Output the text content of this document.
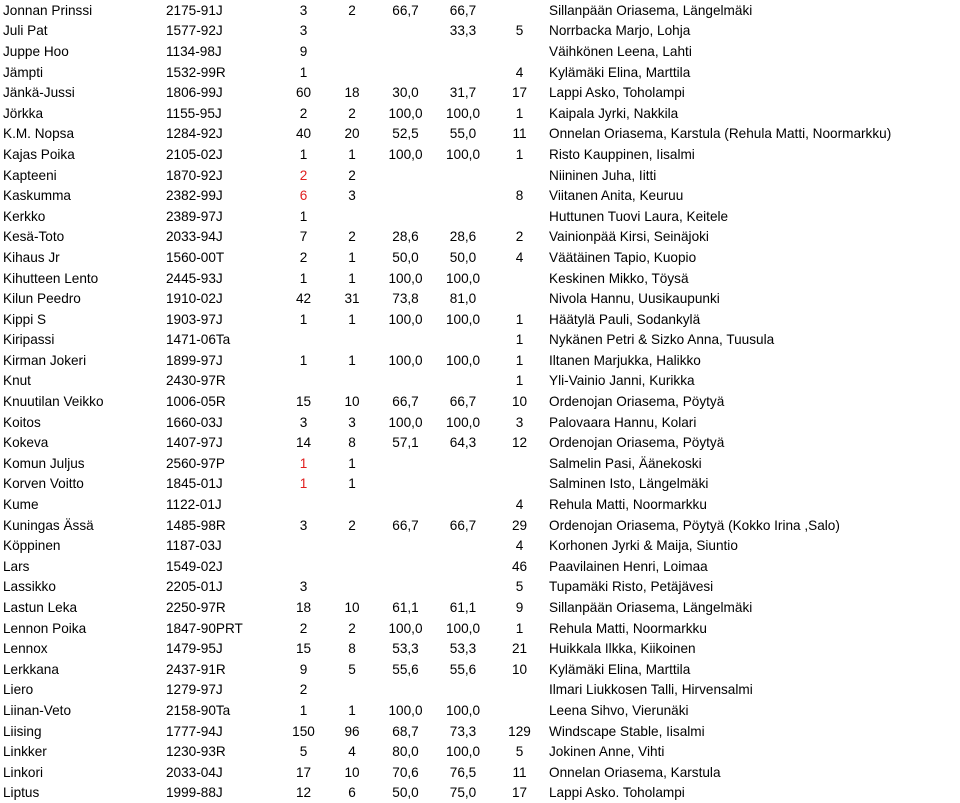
Jonnan Prinssi	2175-91J	3	2	66,7	66,7		Sillanpään Oriasema, Längelmäki
Juli Pat	1577-92J	3			33,3	5	Norrbacka Marjo, Lohja
Juppe Hoo	1134-98J	9					Väihkönen Leena, Lahti
Jämpti	1532-99R	1				4	Kylämäki Elina, Marttila
Jänkä-Jussi	1806-99J	60	18	30,0	31,7	17	Lappi Asko, Toholampi
Jörkka	1155-95J	2	2	100,0	100,0	1	Kaipala Jyrki, Nakkila
K.M. Nopsa	1284-92J	40	20	52,5	55,0	11	Onnelan Oriasema, Karstula (Rehula Matti, Noormarkku)
Kajas Poika	2105-02J	1	1	100,0	100,0	1	Risto Kauppinen, Iisalmi
Kapteeni	1870-92J	2	2				Niininen Juha, Iitti
Kaskumma	2382-99J	6	3			8	Viitanen Anita, Keuruu
Kerkko	2389-97J	1					Huttunen Tuovi Laura, Keitele
Kesä-Toto	2033-94J	7	2	28,6	28,6	2	Vainionpää Kirsi, Seinäjoki
Kihaus Jr	1560-00T	2	1	50,0	50,0	4	Väätäinen Tapio, Kuopio
Kihutteen Lento	2445-93J	1	1	100,0	100,0		Keskinen Mikko, Töysä
Kilun Peedro	1910-02J	42	31	73,8	81,0		Nivola Hannu, Uusikaupunki
Kippi S	1903-97J	1	1	100,0	100,0	1	Häätylä Pauli, Sodankylä
Kiripassi	1471-06Ta					1	Nykänen Petri & Sizko Anna, Tuusula
Kirman Jokeri	1899-97J	1	1	100,0	100,0	1	Iltanen Marjukka, Halikko
Knut	2430-97R					1	Yli-Vainio Janni, Kurikka
Knuutilan Veikko	1006-05R	15	10	66,7	66,7	10	Ordenojan Oriasema, Pöytyä
Koitos	1660-03J	3	3	100,0	100,0	3	Palovaara Hannu, Kolari
Kokeva	1407-97J	14	8	57,1	64,3	12	Ordenojan Oriasema, Pöytyä
Komun Juljus	2560-97P	1	1				Salmelin Pasi, Äänekoski
Korven Voitto	1845-01J	1	1				Salminen Isto, Längelmäki
Kume	1122-01J					4	Rehula Matti, Noormarkku
Kuningas Ässä	1485-98R	3	2	66,7	66,7	29	Ordenojan Oriasema, Pöytyä (Kokko Irina ,Salo)
Köppinen	1187-03J					4	Korhonen Jyrki & Maija, Siuntio
Lars	1549-02J					46	Paavilainen Henri, Loimaa
Lassikko	2205-01J	3				5	Tupamäki Risto, Petäjävesi
Lastun Leka	2250-97R	18	10	61,1	61,1	9	Sillanpään Oriasema, Längelmäki
Lennon Poika	1847-90PRT	2	2	100,0	100,0	1	Rehula Matti, Noormarkku
Lennox	1479-95J	15	8	53,3	53,3	21	Huikkala Ilkka, Kiikoinen
Lerkkana	2437-91R	9	5	55,6	55,6	10	Kylämäki Elina, Marttila
Liero	1279-97J	2					Ilmari Liukkosen Talli, Hirvensalmi
Liinan-Veto	2158-90Ta	1	1	100,0	100,0		Leena Sihvo, Vierunäki
Liising	1777-94J	150	96	68,7	73,3	129	Windscape Stable, Iisalmi
Linkker	1230-93R	5	4	80,0	100,0	5	Jokinen Anne, Vihti
Linkori	2033-04J	17	10	70,6	76,5	11	Onnelan Oriasema, Karstula
Liptus	1999-88J	12	6	50,0	75,0	17	Lappi Asko. Toholampi
